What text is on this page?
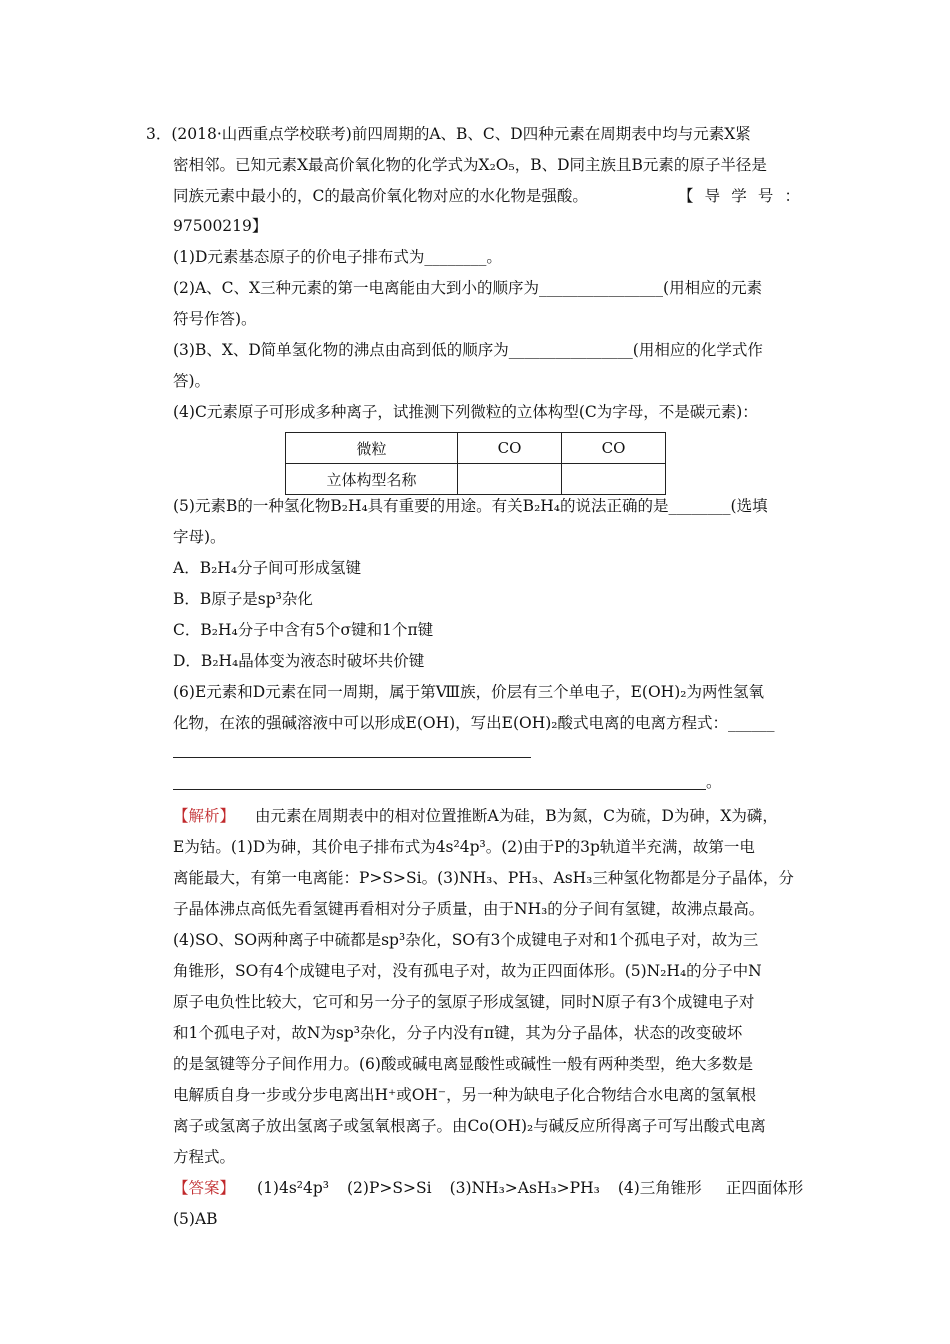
3．(2018·山西重点学校联考)前四周期的A、B、C、D四种元素在周期表中均与元素X紧
密相邻。已知元素X最高价氧化物的化学式为X₂O₅，B、D同主族且B元素的原子半径是
同族元素中最小的，C的最高价氧化物对应的水化物是强酸。	【 导 学 号 ：
97500219】
(1)D元素基态原子的价电子排布式为________。
(2)A、C、X三种元素的第一电离能由大到小的顺序为________________(用相应的元素
符号作答)。
(3)B、X、D简单氢化物的沸点由高到低的顺序为________________(用相应的化学式作
答)。
(4)C元素原子可形成多种离子，试推测下列微粒的立体构型(C为字母，不是碳元素)：
微粒	CO	CO
立体构型名称		
(5)元素B的一种氢化物B₂H₄具有重要的用途。有关B₂H₄的说法正确的是________(选填
字母)。
A．B₂H₄分子间可形成氢键
B．B原子是sp³杂化
C．B₂H₄分子中含有5个σ键和1个π键
D．B₂H₄晶体变为液态时破坏共价键
(6)E元素和D元素在同一周期，属于第Ⅷ族，价层有三个单电子，E(OH)₂为两性氢氧
化物，在浓的强碱溶液中可以形成E(OH)，写出E(OH)₂酸式电离的电离方程式：______
。
【解析】 由元素在周期表中的相对位置推断A为硅，B为氮，C为硫，D为砷，X为磷，
E为钴。(1)D为砷，其价电子排布式为4s²4p³。(2)由于P的3p轨道半充满，故第一电
离能最大，有第一电离能：P>S>Si。(3)NH₃、PH₃、AsH₃三种氢化物都是分子晶体，分
子晶体沸点高低先看氢键再看相对分子质量，由于NH₃的分子间有氢键，故沸点最高。
(4)SO、SO两种离子中硫都是sp³杂化，SO有3个成键电子对和1个孤电子对，故为三
角锥形，SO有4个成键电子对，没有孤电子对，故为正四面体形。(5)N₂H₄的分子中N
原子电负性比较大，它可和另一分子的氢原子形成氢键，同时N原子有3个成键电子对
和1个孤电子对，故N为sp³杂化，分子内没有π键，其为分子晶体，状态的改变破坏
的是氢键等分子间作用力。(6)酸或碱电离显酸性或碱性一般有两种类型，绝大多数是
电解质自身一步或分步电离出H⁺或OH⁻，另一种为缺电子化合物结合水电离的氢氧根
离子或氢离子放出氢离子或氢氧根离子。由Co(OH)₂与碱反应所得离子可写出酸式电离
方程式。
【答案】 (1)4s²4p³ (2)P>S>Si (3)NH₃>AsH₃>PH₃ (4)三角锥形 正四面体形
(5)AB
